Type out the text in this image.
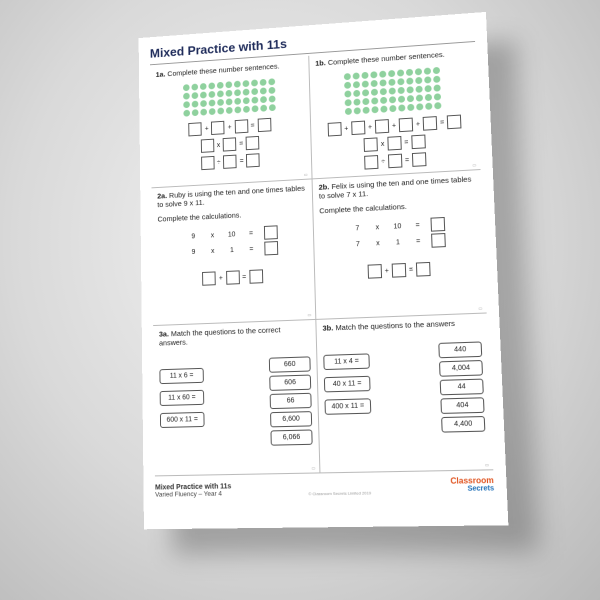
Mixed Practice with 11s
1a. Complete these number sentences.
+	+	=
x	=
÷	=
▭
1b. Complete these number sentences.
+	+	+	+	=
x	=
÷	=
▭
2a. Ruby is using the ten and one times tables to solve 9 x 11.
Complete the calculations.
9 x 10 =
9 x 1 =
+	=
▭
2b. Felix is using the ten and one times tables to solve 7 x 11.
Complete the calculations.
7 x 10 =
7 x 1 =
+	=
▭
3a. Match the questions to the correct answers.
11 x 6 =
11 x 60 =
600 x 11 =
660
606
66
6,600
6,066
▭
3b. Match the questions to the answers
11 x 4 =
40 x 11 =
400 x 11 =
440
4,004
44
404
4,400
▭
Mixed Practice with 11s
Varied Fluency – Year 4	© Classroom Secrets Limited 2019
Classroom
Secrets
